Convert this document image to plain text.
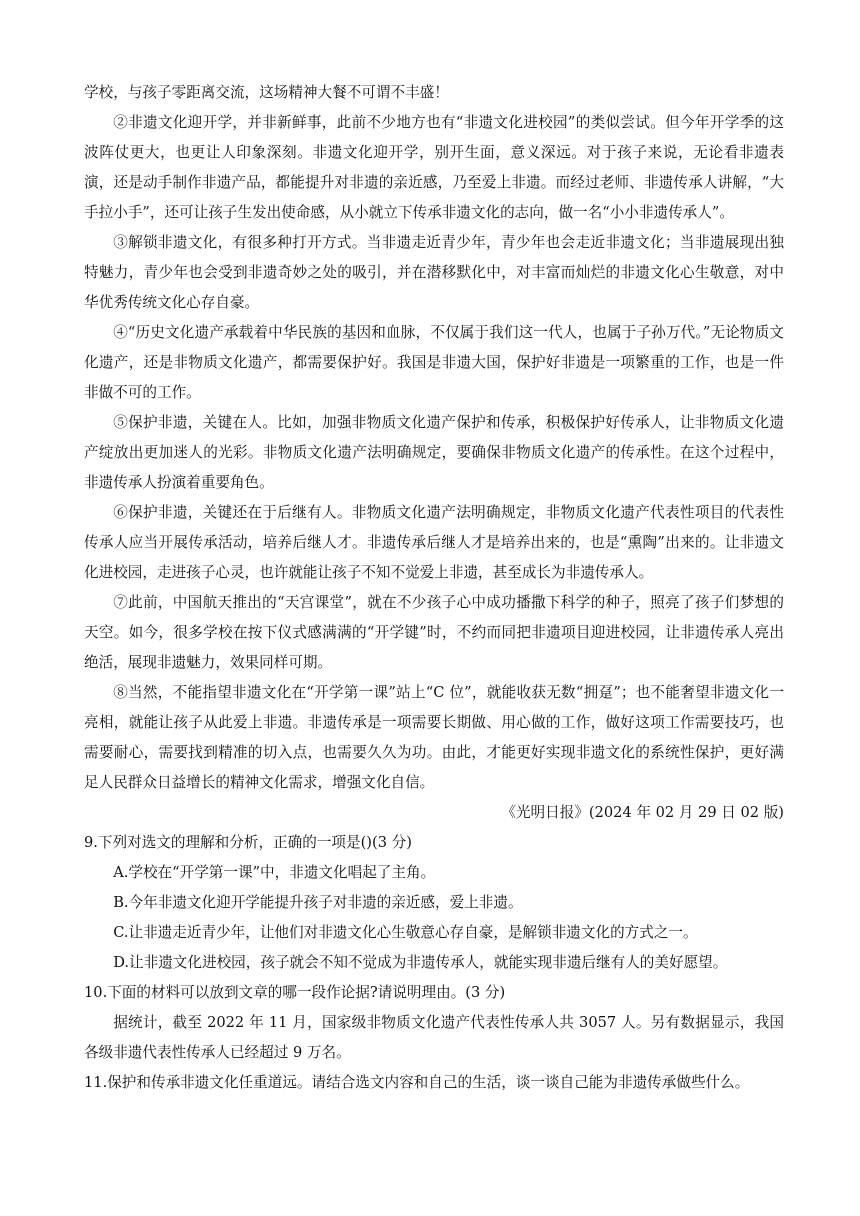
学校，与孩子零距离交流，这场精神大餐不可谓不丰盛！

②非遗文化迎开学，并非新鲜事，此前不少地方也有“非遗文化进校园”的类似尝试。但今年开学季的这波阵仗更大，也更让人印象深刻。非遗文化迎开学，别开生面，意义深远。对于孩子来说，无论看非遗表演，还是动手制作非遗产品，都能提升对非遗的亲近感，乃至爱上非遗。而经过老师、非遗传承人讲解，“大手拉小手”，还可让孩子生发出使命感，从小就立下传承非遗文化的志向，做一名“小小非遗传承人”。

③解锁非遗文化，有很多种打开方式。当非遗走近青少年，青少年也会走近非遗文化；当非遗展现出独特魅力，青少年也会受到非遗奇妙之处的吸引，并在潜移默化中，对丰富而灿烂的非遗文化心生敬意，对中华优秀传统文化心存自豪。

④“历史文化遗产承载着中华民族的基因和血脉，不仅属于我们这一代人，也属于子孙万代。”无论物质文化遗产，还是非物质文化遗产，都需要保护好。我国是非遗大国，保护好非遗是一项繁重的工作，也是一件非做不可的工作。

⑤保护非遗，关键在人。比如，加强非物质文化遗产保护和传承，积极保护好传承人，让非物质文化遗产绽放出更加迷人的光彩。非物质文化遗产法明确规定，要确保非物质文化遗产的传承性。在这个过程中，非遗传承人扮演着重要角色。

⑥保护非遗，关键还在于后继有人。非物质文化遗产法明确规定，非物质文化遗产代表性项目的代表性传承人应当开展传承活动，培养后继人才。非遗传承后继人才是培养出来的，也是“熏陶”出来的。让非遗文化进校园，走进孩子心灵，也许就能让孩子不知不觉爱上非遗，甚至成长为非遗传承人。

⑦此前，中国航天推出的“天宫课堂”，就在不少孩子心中成功播撒下科学的种子，照亮了孩子们梦想的天空。如今，很多学校在按下仪式感满满的“开学键”时，不约而同把非遗项目迎进校园，让非遗传承人亮出绝活，展现非遗魅力，效果同样可期。

⑧当然，不能指望非遗文化在“开学第一课”站上“C 位”，就能收获无数“拥趸”；也不能奢望非遗文化一亮相，就能让孩子从此爱上非遗。非遗传承是一项需要长期做、用心做的工作，做好这项工作需要技巧，也需要耐心，需要找到精准的切入点，也需要久久为功。由此，才能更好实现非遗文化的系统性保护，更好满足人民群众日益增长的精神文化需求，增强文化自信。

《光明日报》(2024 年 02 月 29 日 02 版)

9.下列对选文的理解和分析，正确的一项是()(3 分)

A.学校在“开学第一课”中，非遗文化唱起了主角。

B.今年非遗文化迎开学能提升孩子对非遗的亲近感，爱上非遗。

C.让非遗走近青少年，让他们对非遗文化心生敬意心存自豪，是解锁非遗文化的方式之一。

D.让非遗文化进校园，孩子就会不知不觉成为非遗传承人，就能实现非遗后继有人的美好愿望。

10.下面的材料可以放到文章的哪一段作论据?请说明理由。(3 分)

据统计，截至 2022 年 11 月，国家级非物质文化遗产代表性传承人共 3057 人。另有数据显示，我国各级非遗代表性传承人已经超过 9 万名。

11.保护和传承非遗文化任重道远。请结合选文内容和自己的生活，谈一谈自己能为非遗传承做些什么。
